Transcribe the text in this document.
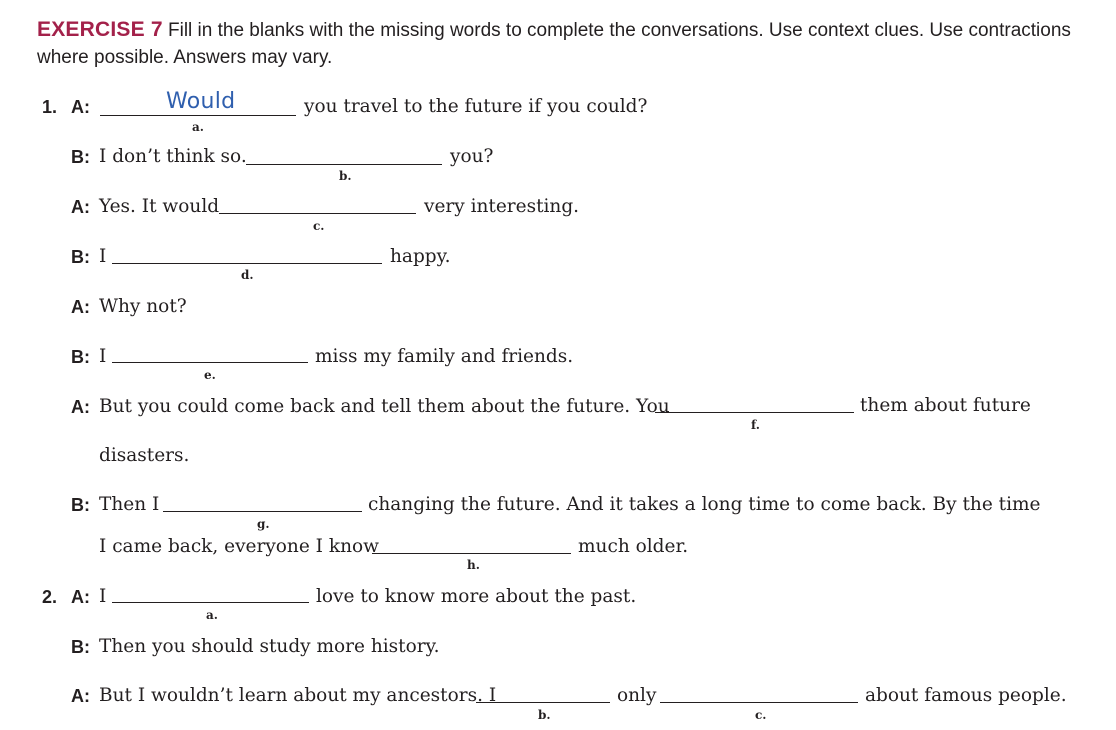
EXERCISE 7 Fill in the blanks with the missing words to complete the conversations. Use context clues. Use contractions where possible. Answers may vary.
1. A:	Would
a.
you travel to the future if you could?
B: I don’t think so.
b.
you?
A: Yes. It would
c.
very interesting.
B: I
d.
happy.
A: Why not?
B: I
e.
miss my family and friends.
A: But you could come back and tell them about the future. You
f.
them about future
disasters.
B: Then I
g.
changing the future. And it takes a long time to come back. By the time
I came back, everyone I know
h.
much older.
2. A: I
a.
love to know more about the past.
B: Then you should study more history.
A: But I wouldn’t learn about my ancestors. I
b.
only
c.
about famous people.
